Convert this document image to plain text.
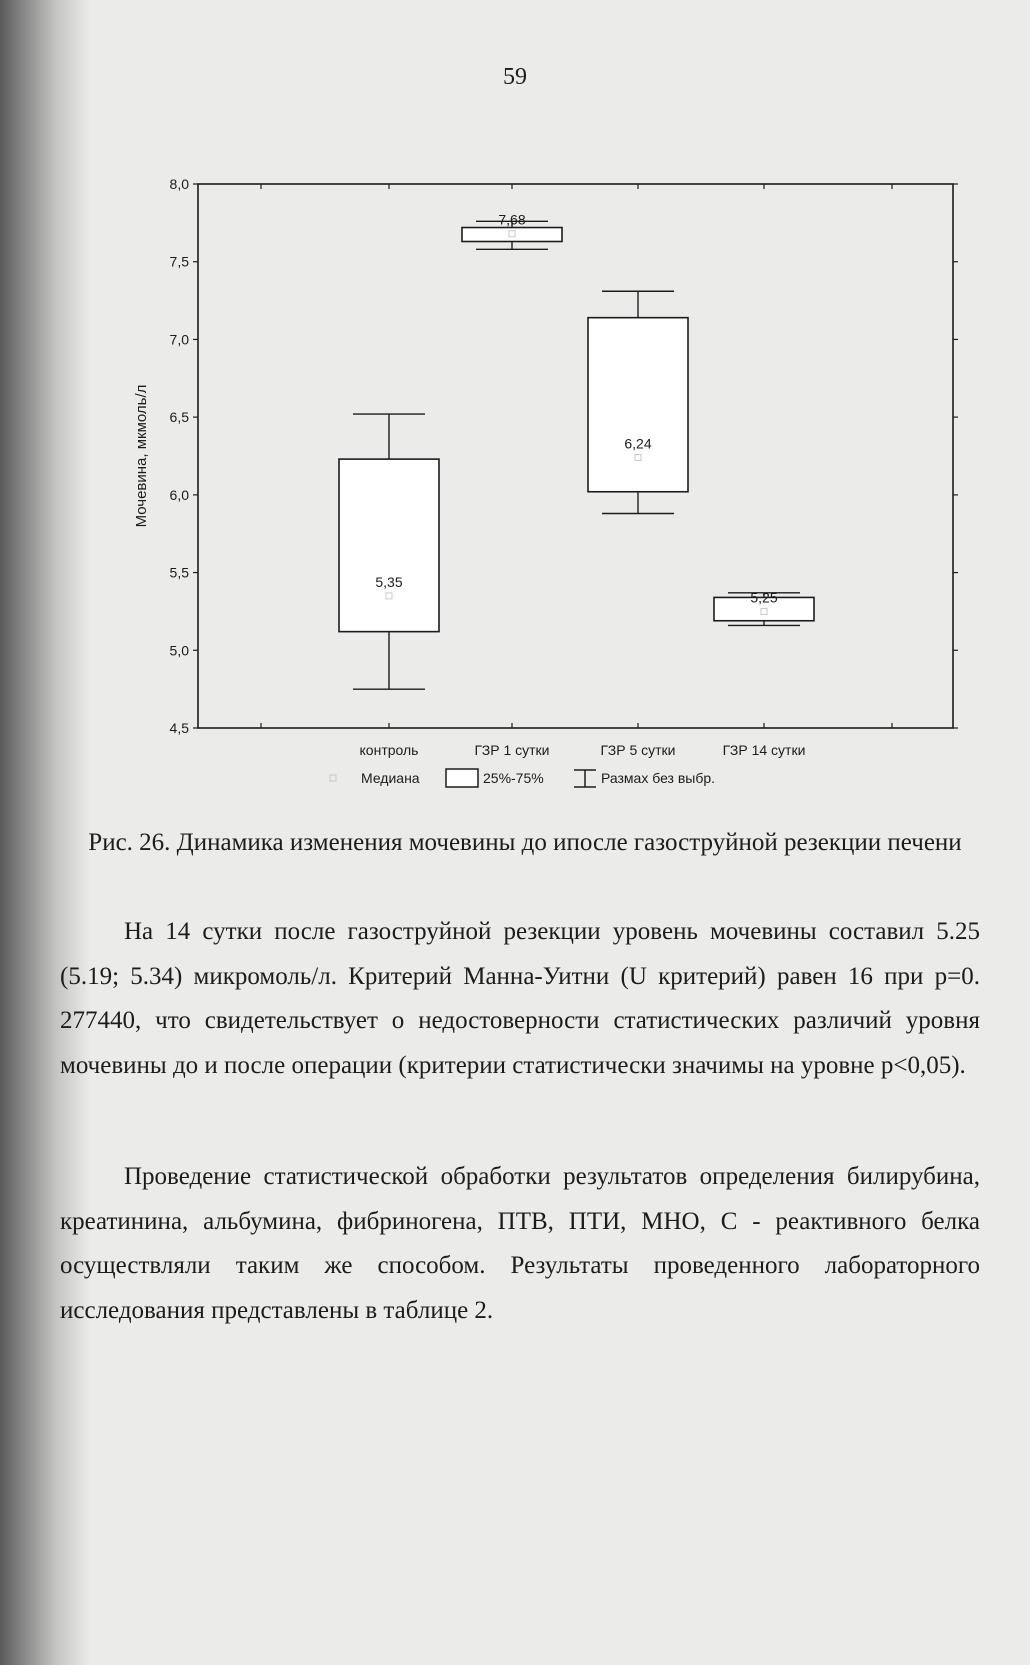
59
4,5
5,0
5,5
6,0
6,5
7,0
7,5
8,0
Мочевина, мкмоль/л
5,35
контроль
7,68
ГЗР 1 сутки
6,24
ГЗР 5 сутки
5,25
ГЗР 14 сутки
Медиана	25%-75%	Размах без выбр.
Рис. 26. Динамика изменения мочевины до ипосле газоструйной резекции печени

На 14 сутки после газоструйной резекции уровень мочевины составил 5.25 (5.19; 5.34) микромоль/л. Критерий Манна-Уитни (U критерий) равен 16 при p=0. 277440, что свидетельствует о недостоверности статистических различий уровня мочевины до и после операции (критерии статистически значимы на уровне p<0,05).

Проведение статистической обработки результатов определения билирубина, креатинина, альбумина, фибриногена, ПТВ, ПТИ, МНО, С - реактивного белка осуществляли таким же способом. Результаты проведенного лабораторного исследования представлены в таблице 2.
